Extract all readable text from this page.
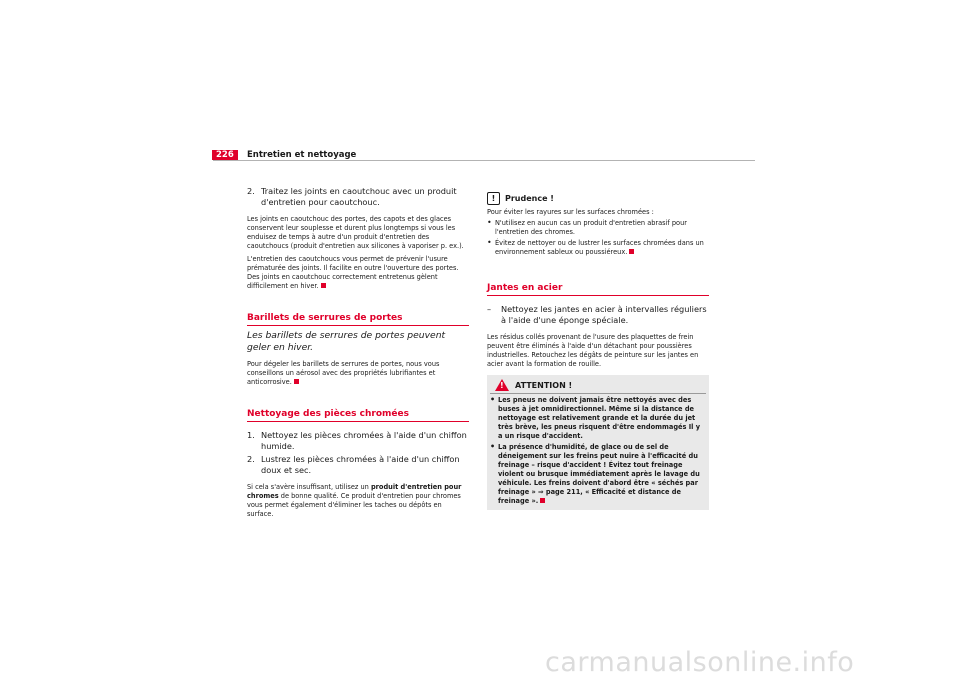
226	Entretien et nettoyage
2. Traitez les joints en caoutchouc avec un produit d'entretien pour caoutchouc.

Les joints en caoutchouc des portes, des capots et des glaces conservent leur souplesse et durent plus longtemps si vous les enduisez de temps à autre d'un produit d'entretien des caoutchoucs (produit d'entretien aux silicones à vaporiser p. ex.).

L'entretien des caoutchoucs vous permet de prévenir l'usure prématurée des joints. Il facilite en outre l'ouverture des portes. Des joints en caoutchouc correctement entretenus gèlent difficilement en hiver.

Barillets de serrures de portes
Les barillets de serrures de portes peuvent geler en hiver.

Pour dégeler les barillets de serrures de portes, nous vous conseillons un aérosol avec des propriétés lubrifiantes et anticorrosive.

Nettoyage des pièces chromées
1. Nettoyez les pièces chromées à l'aide d'un chiffon humide.
2. Lustrez les pièces chromées à l'aide d'un chiffon doux et sec.

Si cela s'avère insuffisant, utilisez un produit d'entretien pour chromes de bonne qualité. Ce produit d'entretien pour chromes vous permet également d'éliminer les taches ou dépôts en surface.

!	Prudence !

Pour éviter les rayures sur les surfaces chromées :

• N'utilisez en aucun cas un produit d'entretien abrasif pour l'entretien des chromes.
• Évitez de nettoyer ou de lustrer les surfaces chromées dans un environnement sableux ou poussiéreux.
Jantes en acier
–	Nettoyez les jantes en acier à intervalles réguliers à l'aide d'une éponge spéciale.

Les résidus collés provenant de l'usure des plaquettes de frein peuvent être éliminés à l'aide d'un détachant pour poussières industrielles. Retouchez les dégâts de peinture sur les jantes en acier avant la formation de rouille.

! ATTENTION !
• Les pneus ne doivent jamais être nettoyés avec des buses à jet omnidirectionnel. Même si la distance de nettoyage est relativement grande et la durée du jet très brève, les pneus risquent d'être endommagés Il y a un risque d'accident.
• La présence d'humidité, de glace ou de sel de déneigement sur les freins peut nuire à l'efficacité du freinage – risque d'accident ! Évitez tout freinage violent ou brusque immédiatement après le lavage du véhicule. Les freins doivent d'abord être « séchés par freinage » ⇒ page 211, « Efficacité et distance de freinage ».
carmanualsonline.info
